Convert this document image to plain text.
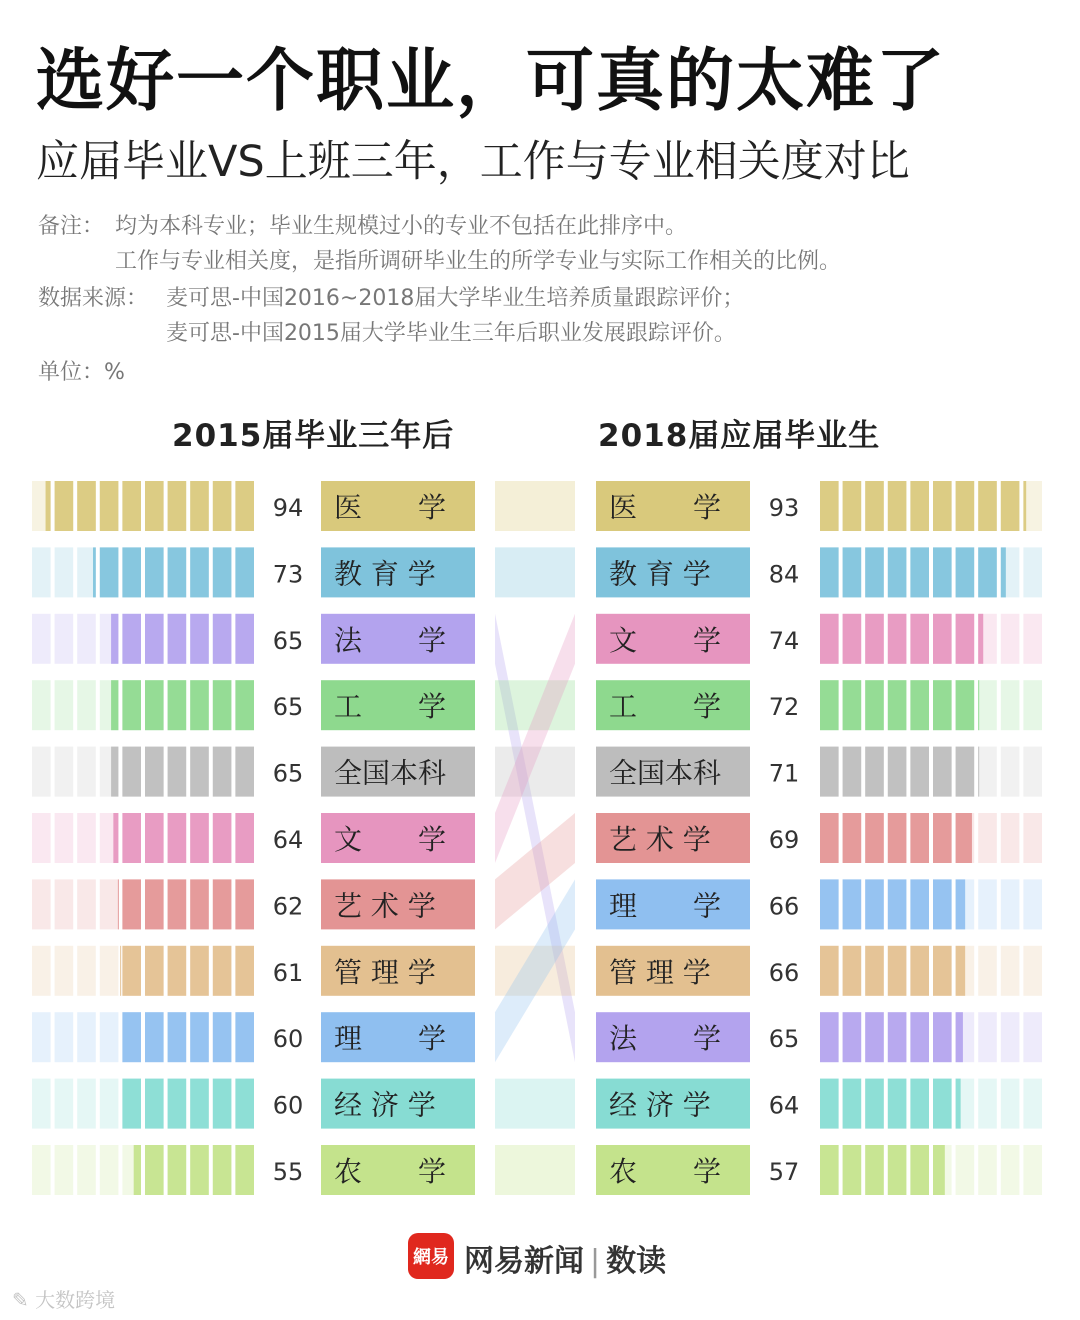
选好一个职业，可真的太难了
应届毕业VS上班三年，工作与专业相关度对比
备注： 均为本科专业；毕业生规模过小的专业不包括在此排序中。
工作与专业相关度，是指所调研毕业生的所学专业与实际工作相关的比例。
数据来源： 麦可思-中国2016~2018届大学毕业生培养质量跟踪评价；
麦可思-中国2015届大学毕业生三年后职业发展跟踪评价。
单位：%
2015届毕业三年后	2018届应届毕业生
94 医　　学
73 教 育 学
65 法　　学
65 工　　学
65 全国本科
64 文　　学
62 艺 术 学
61 管 理 学
60 理　　学
60 经 济 学
55 农　　学
医　　学 93
教 育 学 84
文　　学 74
工　　学 72
全国本科 71
艺 术 学 69
理　　学 66
管 理 学 66
法　　学 65
经 济 学 64
农　　学 57
網易 网易新闻 | 数读
✎ 大数跨境
